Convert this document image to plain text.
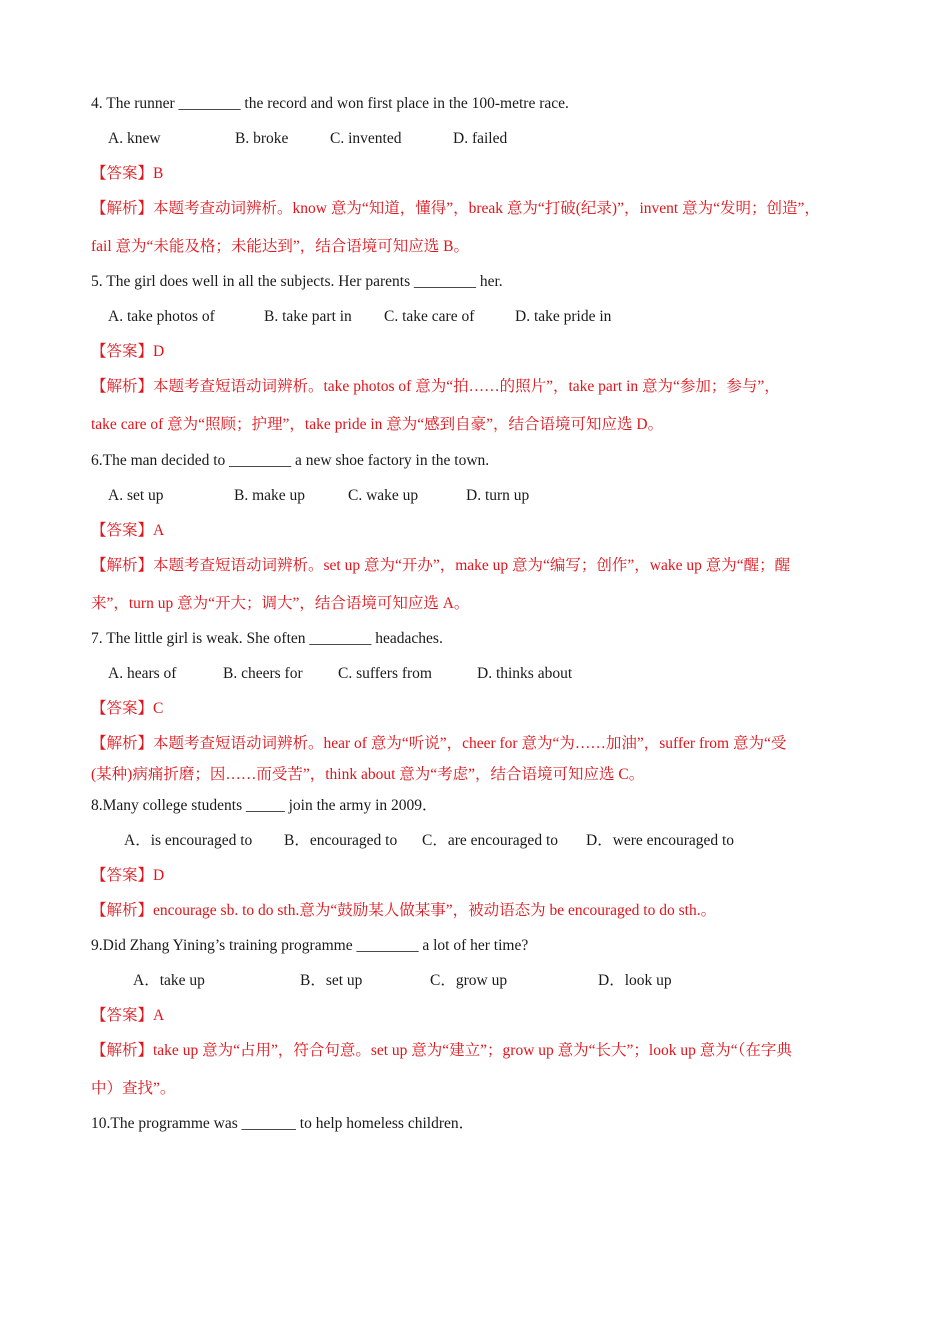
4. The runner ________ the record and won first place in the 100-metre race.
A. knew	B. broke	C. invented	D. failed
【答案】B
【解析】本题考查动词辨析。know 意为“知道，懂得”，break 意为“打破(纪录)”，invent 意为“发明；创造”，
fail 意为“未能及格；未能达到”，结合语境可知应选 B。
5. The girl does well in all the subjects. Her parents ________ her.
A. take photos of	B. take part in C. take care of	D. take pride in
【答案】D
【解析】本题考查短语动词辨析。take photos of 意为“拍……的照片”，take part in 意为“参加；参与”，
take care of 意为“照顾；护理”，take pride in 意为“感到自豪”，结合语境可知应选 D。
6.The man decided to ________ a new shoe factory in the town.
A. set up	B. make up	C. wake up	D. turn up
【答案】A
【解析】本题考查短语动词辨析。set up 意为“开办”，make up 意为“编写；创作”，wake up 意为“醒；醒
来”，turn up 意为“开大；调大”，结合语境可知应选 A。
7. The little girl is weak. She often ________ headaches.
A. hears of	B. cheers for C. suffers from	D. thinks about
【答案】C
【解析】本题考查短语动词辨析。hear of 意为“听说”，cheer for 意为“为……加油”，suffer from 意为“受
(某种)病痛折磨；因……而受苦”，think about 意为“考虑”，结合语境可知应选 C。
8.Many college students _____ join the army in 2009．
A．is encouraged to B．encouraged to C．are encouraged to D．were encouraged to
【答案】D
【解析】encourage sb. to do sth.意为“鼓励某人做某事”，被动语态为 be encouraged to do sth.。
9.Did Zhang Yining’s training programme ________ a lot of her time?
A．take up	B．set up	C．grow up	D．look up
【答案】A
【解析】take up 意为“占用”，符合句意。set up 意为“建立”；grow up 意为“长大”；look up 意为“（在字典
中）查找”。
10.The programme was _______ to help homeless children．
